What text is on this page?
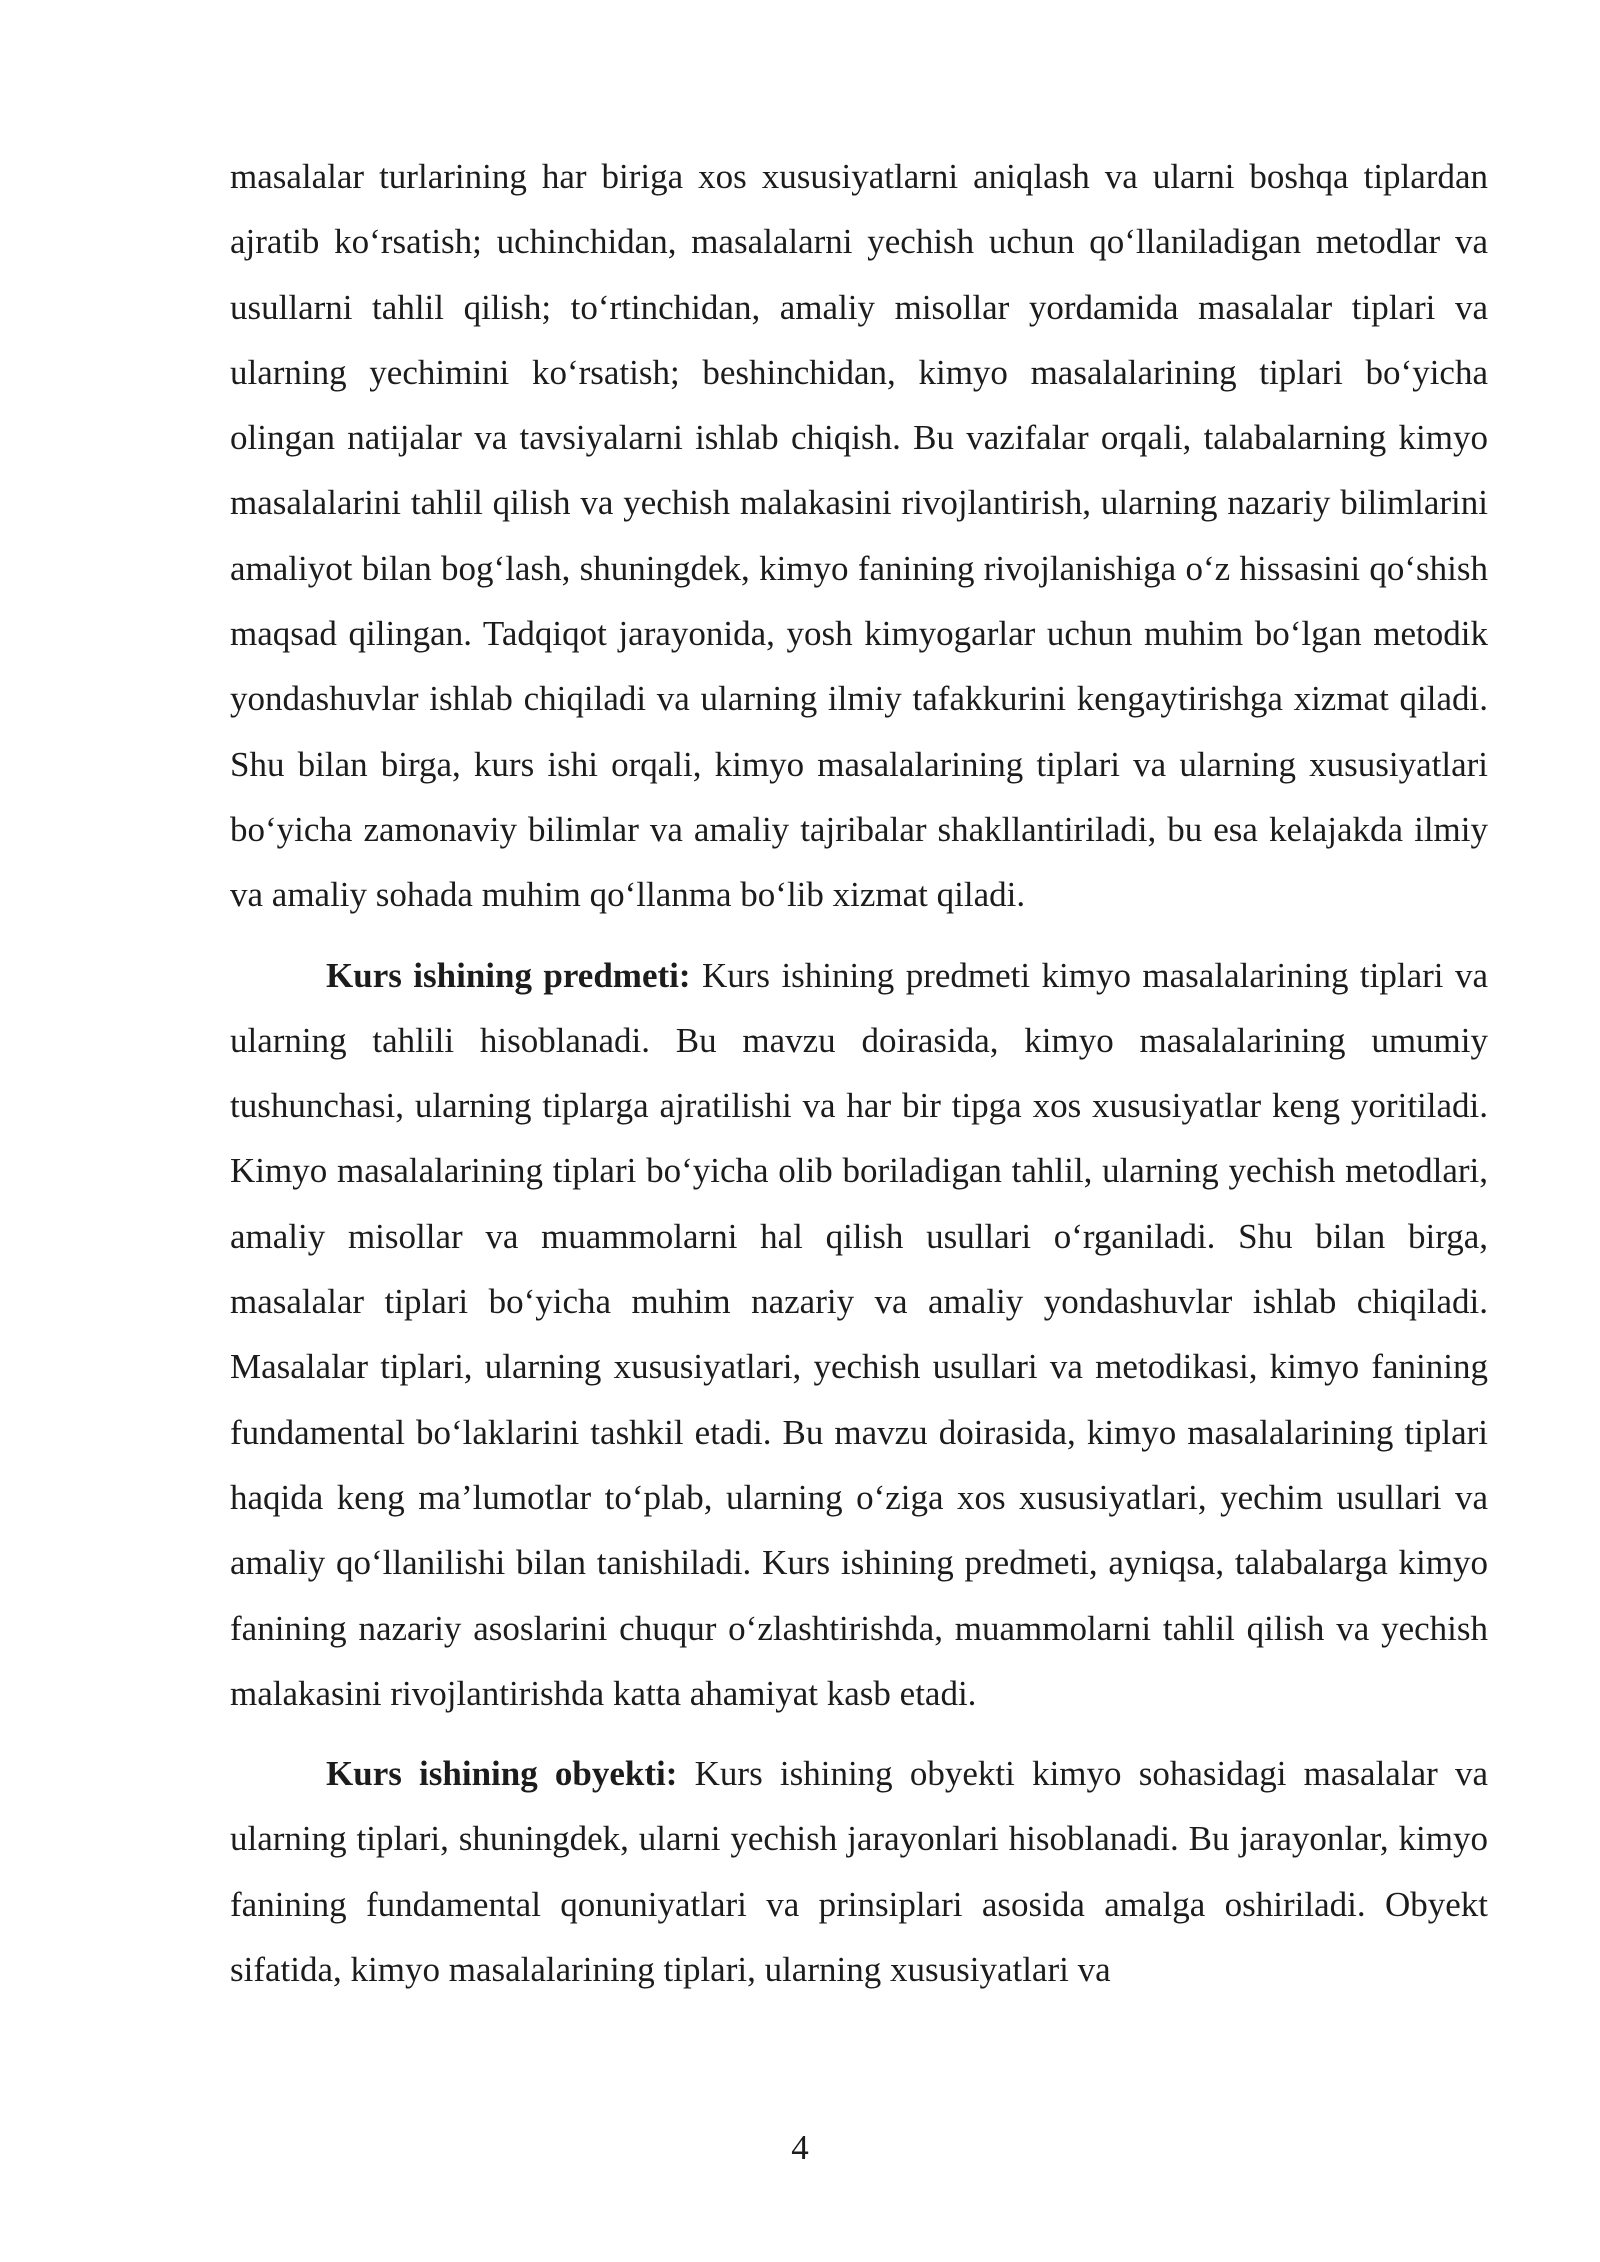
masalalar turlarining har biriga xos xususiyatlarni aniqlash va ularni boshqa tiplardan ajratib ko‘rsatish; uchinchidan, masalalarni yechish uchun qo‘llaniladigan metodlar va usullarni tahlil qilish; to‘rtinchidan, amaliy misollar yordamida masalalar tiplari va ularning yechimini ko‘rsatish; beshinchidan, kimyo masalalarining tiplari bo‘yicha olingan natijalar va tavsiyalarni ishlab chiqish. Bu vazifalar orqali, talabalarning kimyo masalalarini tahlil qilish va yechish malakasini rivojlantirish, ularning nazariy bilimlarini amaliyot bilan bog‘lash, shuningdek, kimyo fanining rivojlanishiga o‘z hissasini qo‘shish maqsad qilingan. Tadqiqot jarayonida, yosh kimyogarlar uchun muhim bo‘lgan metodik yondashuvlar ishlab chiqiladi va ularning ilmiy tafakkurini kengaytirishga xizmat qiladi. Shu bilan birga, kurs ishi orqali, kimyo masalalarining tiplari va ularning xususiyatlari bo‘yicha zamonaviy bilimlar va amaliy tajribalar shakllantiriladi, bu esa kelajakda ilmiy va amaliy sohada muhim qo‘llanma bo‘lib xizmat qiladi.

Kurs ishining predmeti: Kurs ishining predmeti kimyo masalalarining tiplari va ularning tahlili hisoblanadi. Bu mavzu doirasida, kimyo masalalarining umumiy tushunchasi, ularning tiplarga ajratilishi va har bir tipga xos xususiyatlar keng yoritiladi. Kimyo masalalarining tiplari bo‘yicha olib boriladigan tahlil, ularning yechish metodlari, amaliy misollar va muammolarni hal qilish usullari o‘rganiladi. Shu bilan birga, masalalar tiplari bo‘yicha muhim nazariy va amaliy yondashuvlar ishlab chiqiladi. Masalalar tiplari, ularning xususiyatlari, yechish usullari va metodikasi, kimyo fanining fundamental bo‘laklarini tashkil etadi. Bu mavzu doirasida, kimyo masalalarining tiplari haqida keng ma’lumotlar to‘plab, ularning o‘ziga xos xususiyatlari, yechim usullari va amaliy qo‘llanilishi bilan tanishiladi. Kurs ishining predmeti, ayniqsa, talabalarga kimyo fanining nazariy asoslarini chuqur o‘zlashtirishda, muammolarni tahlil qilish va yechish malakasini rivojlantirishda katta ahamiyat kasb etadi.

Kurs ishining obyekti: Kurs ishining obyekti kimyo sohasidagi masalalar va ularning tiplari, shuningdek, ularni yechish jarayonlari hisoblanadi. Bu jarayonlar, kimyo fanining fundamental qonuniyatlari va prinsiplari asosida amalga oshiriladi. Obyekt sifatida, kimyo masalalarining tiplari, ularning xususiyatlari va

4
